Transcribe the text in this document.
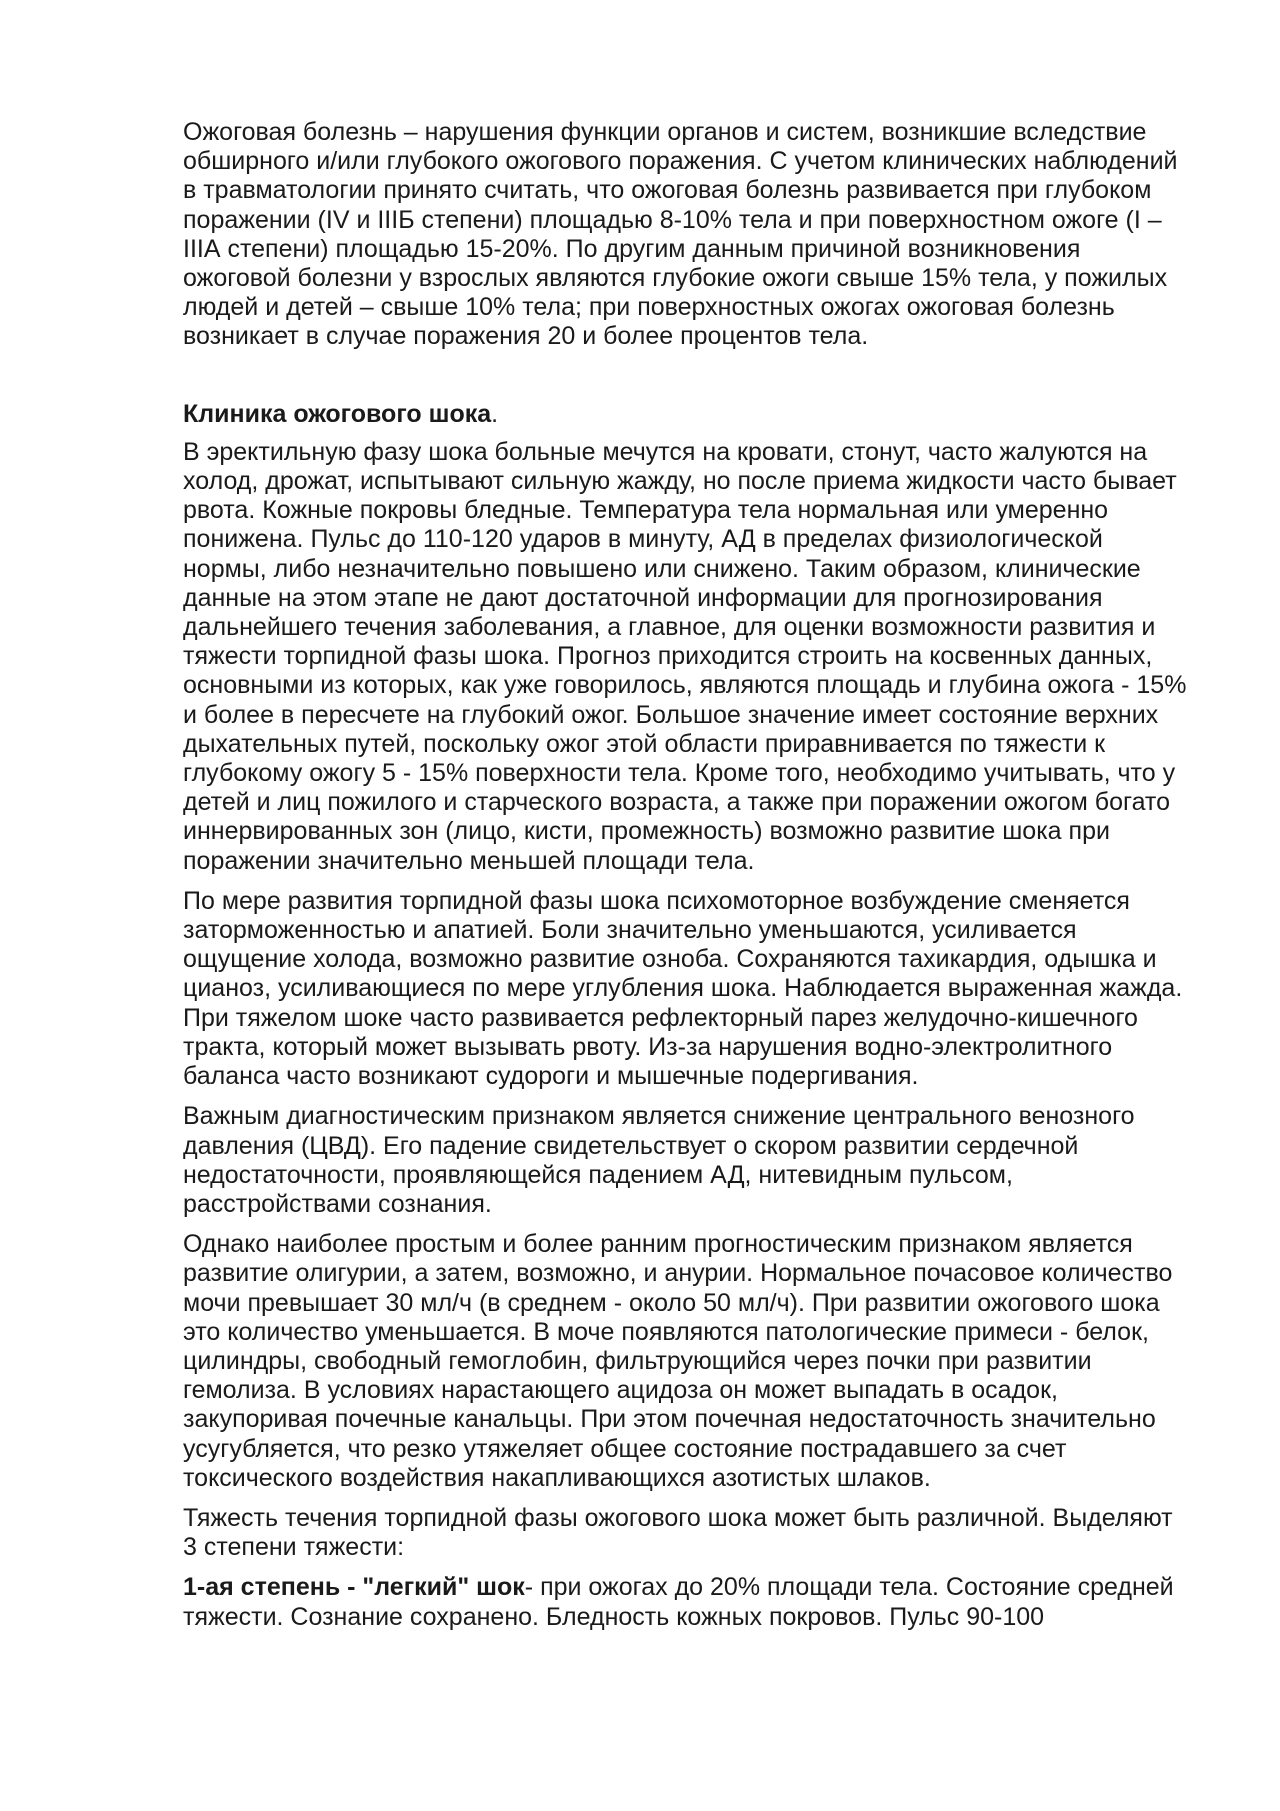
Ожоговая болезнь – нарушения функции органов и систем, возникшие вследствие обширного и/или глубокого ожогового поражения. С учетом клинических наблюдений в травматологии принято считать, что ожоговая болезнь развивается при глубоком поражении (IV и IIIБ степени) площадью 8-10% тела и при поверхностном ожоге (I – IIIА степени) площадью 15-20%. По другим данным причиной возникновения ожоговой болезни у взрослых являются глубокие ожоги свыше 15% тела, у пожилых людей и детей – свыше 10% тела; при поверхностных ожогах ожоговая болезнь возникает в случае поражения 20 и более процентов тела.

Клиника ожогового шока.

В эректильную фазу шока больные мечутся на кровати, стонут, часто жалуются на холод, дрожат, испытывают сильную жажду, но после приема жидкости часто бывает рвота. Кожные покровы бледные. Температура тела нормальная или умеренно понижена. Пульс до 110-120 ударов в минуту, АД в пределах физиологической нормы, либо незначительно повышено или снижено. Таким образом, клинические данные на этом этапе не дают достаточной информации для прогнозирования дальнейшего течения заболевания, а главное, для оценки возможности развития и тяжести торпидной фазы шока. Прогноз приходится строить на косвенных данных, основными из которых, как уже говорилось, являются площадь и глубина ожога - 15% и более в пересчете на глубокий ожог. Большое значение имеет состояние верхних дыхательных путей, поскольку ожог этой области приравнивается по тяжести к глубокому ожогу 5 - 15% поверхности тела. Кроме того, необходимо учитывать, что у детей и лиц пожилого и старческого возраста, а также при поражении ожогом богато иннервированных зон (лицо, кисти, промежность) возможно развитие шока при поражении значительно меньшей площади тела.

По мере развития торпидной фазы шока психомоторное возбуждение сменяется заторможенностью и апатией. Боли значительно уменьшаются, усиливается ощущение холода, возможно развитие озноба. Сохраняются тахикардия, одышка и цианоз, усиливающиеся по мере углубления шока. Наблюдается выраженная жажда. При тяжелом шоке часто развивается рефлекторный парез желудочно-кишечного тракта, который может вызывать рвоту. Из-за нарушения водно-электролитного баланса часто возникают судороги и мышечные подергивания.

Важным диагностическим признаком является снижение центрального венозного давления (ЦВД). Его падение свидетельствует о скором развитии сердечной недостаточности, проявляющейся падением АД, нитевидным пульсом, расстройствами сознания.

Однако наиболее простым и более ранним прогностическим признаком является развитие олигурии, а затем, возможно, и анурии. Нормальное почасовое количество мочи превышает 30 мл/ч (в среднем - около 50 мл/ч). При развитии ожогового шока это количество уменьшается. В моче появляются патологические примеси - белок, цилиндры, свободный гемоглобин, фильтрующийся через почки при развитии гемолиза. В условиях нарастающего ацидоза он может выпадать в осадок, закупоривая почечные канальцы. При этом почечная недостаточность значительно усугубляется, что резко утяжеляет общее состояние пострадавшего за счет токсического воздействия накапливающихся азотистых шлаков.

Тяжесть течения торпидной фазы ожогового шока может быть различной. Выделяют 3 степени тяжести:

1-ая степень - "легкий" шок- при ожогах до 20% площади тела. Состояние средней тяжести. Сознание сохранено. Бледность кожных покровов. Пульс 90-100
